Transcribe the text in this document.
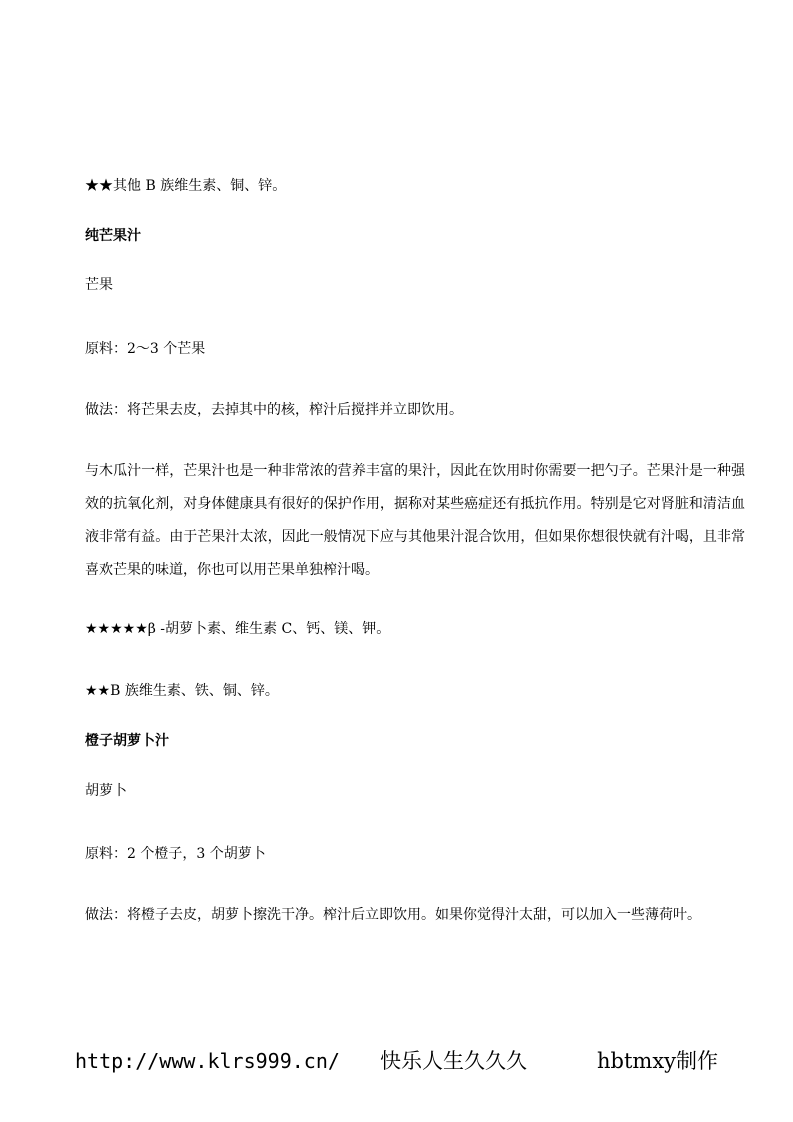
★★其他 B 族维生素、铜、锌。
纯芒果汁
芒果
原料：2～3 个芒果
做法：将芒果去皮，去掉其中的核，榨汁后搅拌并立即饮用。
与木瓜汁一样，芒果汁也是一种非常浓的营养丰富的果汁，因此在饮用时你需要一把勺子。芒果汁是一种强效的抗氧化剂，对身体健康具有很好的保护作用，据称对某些癌症还有抵抗作用。特别是它对肾脏和清洁血液非常有益。由于芒果汁太浓，因此一般情况下应与其他果汁混合饮用，但如果你想很快就有汁喝，且非常喜欢芒果的味道，你也可以用芒果单独榨汁喝。
★★★★★β -胡萝卜素、维生素 C、钙、镁、钾。
★★B 族维生素、铁、铜、锌。
橙子胡萝卜汁
胡萝卜
原料：2 个橙子，3 个胡萝卜
做法：将橙子去皮，胡萝卜擦洗干净。榨汁后立即饮用。如果你觉得汁太甜，可以加入一些薄荷叶。
http://www.klrs999.cn/ 快乐人生久久久	hbtmxy制作
